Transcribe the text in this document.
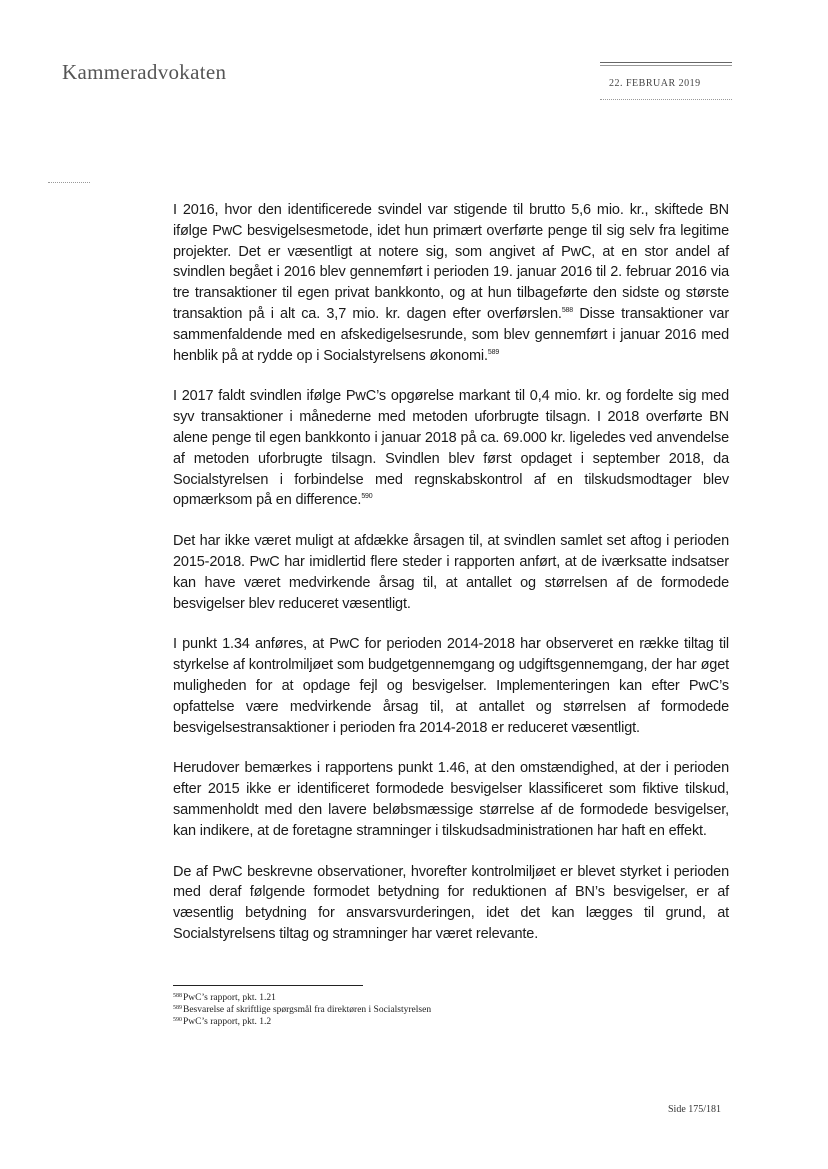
Kammeradvokaten	22. FEBRUAR 2019

I 2016, hvor den identificerede svindel var stigende til brutto 5,6 mio. kr., skiftede BN ifølge PwC besvigelsesmetode, idet hun primært overførte penge til sig selv fra legitime projekter. Det er væsentligt at notere sig, som angivet af PwC, at en stor andel af svindlen begået i 2016 blev gennemført i perioden 19. januar 2016 til 2. februar 2016 via tre transaktioner til egen privat bankkonto, og at hun tilbageførte den sidste og største transaktion på i alt ca. 3,7 mio. kr. dagen efter overførslen.$^{588}$ Disse transaktioner var sammenfaldende med en afskedigelsesrunde, som blev gennemført i januar 2016 med henblik på at rydde op i Socialstyrelsens økonomi.$^{589}$

I 2017 faldt svindlen ifølge PwC’s opgørelse markant til 0,4 mio. kr. og fordelte sig med syv transaktioner i månederne med metoden uforbrugte tilsagn. I 2018 overførte BN alene penge til egen bankkonto i januar 2018 på ca. 69.000 kr. ligeledes ved anvendelse af metoden uforbrugte tilsagn. Svindlen blev først opdaget i september 2018, da Socialstyrelsen i forbindelse med regnskabskontrol af en tilskudsmodtager blev opmærksom på en difference.$^{590}$

Det har ikke været muligt at afdække årsagen til, at svindlen samlet set aftog i perioden 2015-2018. PwC har imidlertid flere steder i rapporten anført, at de iværksatte indsatser kan have været medvirkende årsag til, at antallet og størrelsen af de formodede besvigelser blev reduceret væsentligt.

I punkt 1.34 anføres, at PwC for perioden 2014-2018 har observeret en række tiltag til styrkelse af kontrolmiljøet som budgetgennemgang og udgiftsgennemgang, der har øget muligheden for at opdage fejl og besvigelser. Implementeringen kan efter PwC’s opfattelse være medvirkende årsag til, at antallet og størrelsen af formodede besvigelsestransaktioner i perioden fra 2014-2018 er reduceret væsentligt.

Herudover bemærkes i rapportens punkt 1.46, at den omstændighed, at der i perioden efter 2015 ikke er identificeret formodede besvigelser klassificeret som fiktive tilskud, sammenholdt med den lavere beløbsmæssige størrelse af de formodede besvigelser, kan indikere, at de foretagne stramninger i tilskudsadministrationen har haft en effekt.

De af PwC beskrevne observationer, hvorefter kontrolmiljøet er blevet styrket i perioden med deraf følgende formodet betydning for reduktionen af BN’s besvigelser, er af væsentlig betydning for ansvarsvurderingen, idet det kan lægges til grund, at Socialstyrelsens tiltag og stramninger har været relevante.

$^{588}$PwC’s rapport, pkt. 1.21
$^{589}$Besvarelse af skriftlige spørgsmål fra direktøren i Socialstyrelsen
$^{590}$PwC’s rapport, pkt. 1.2
Side 175/181
